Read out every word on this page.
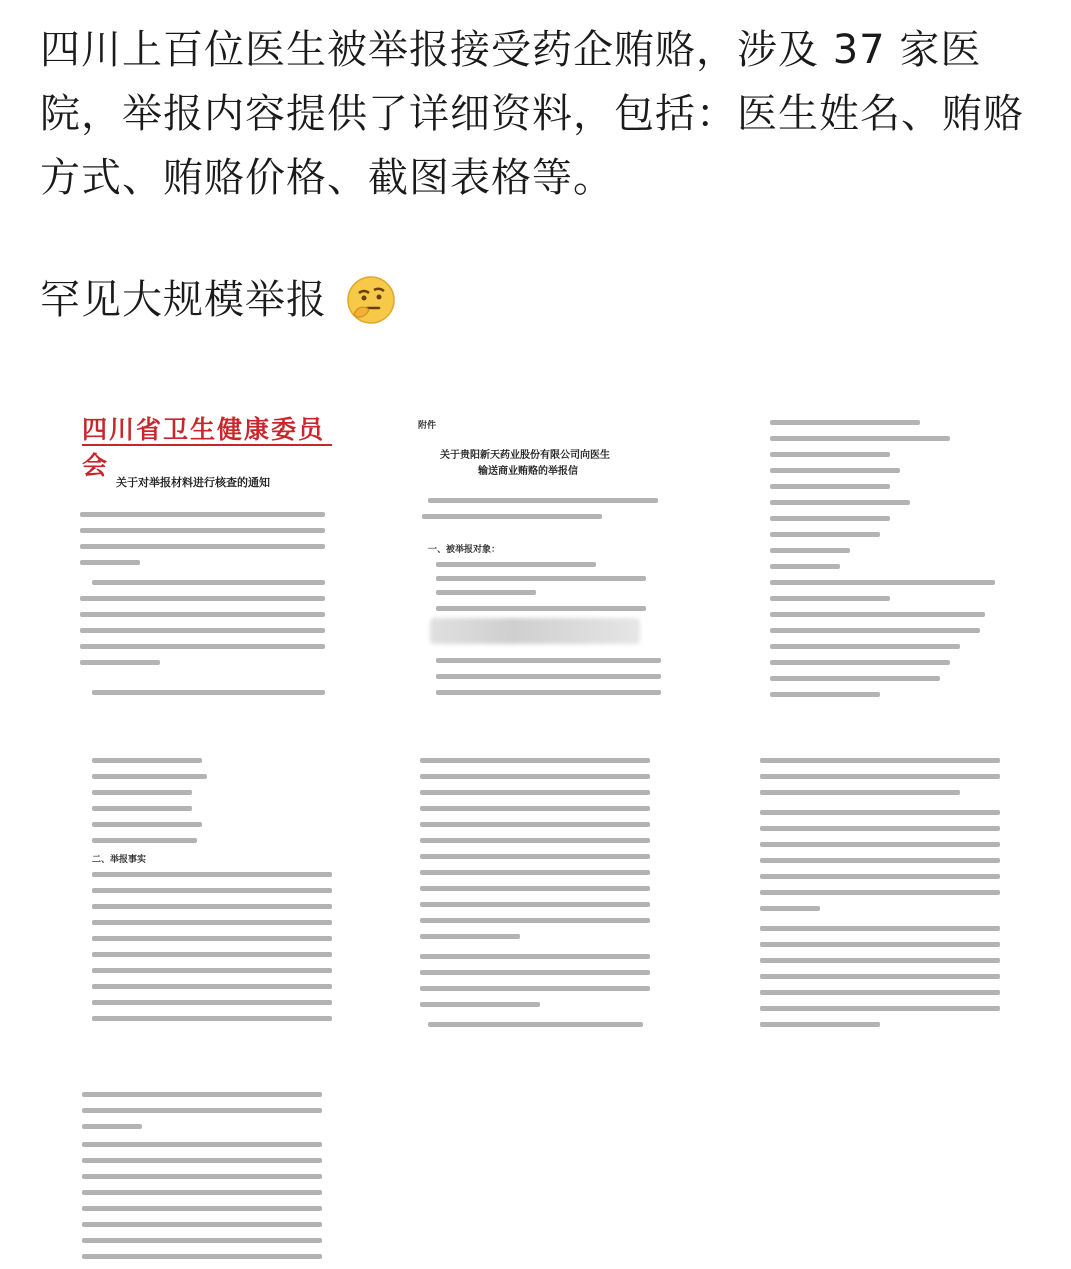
四川上百位医生被举报接受药企贿赂，涉及 37 家医院，举报内容提供了详细资料，包括：医生姓名、贿赂方式、贿赂价格、截图表格等。
罕见大规模举报
四川省卫生健康委员会
关于对举报材料进行核查的通知
附件
关于贵阳新天药业股份有限公司向医生
输送商业贿赂的举报信
一、被举报对象：
二、举报事实
